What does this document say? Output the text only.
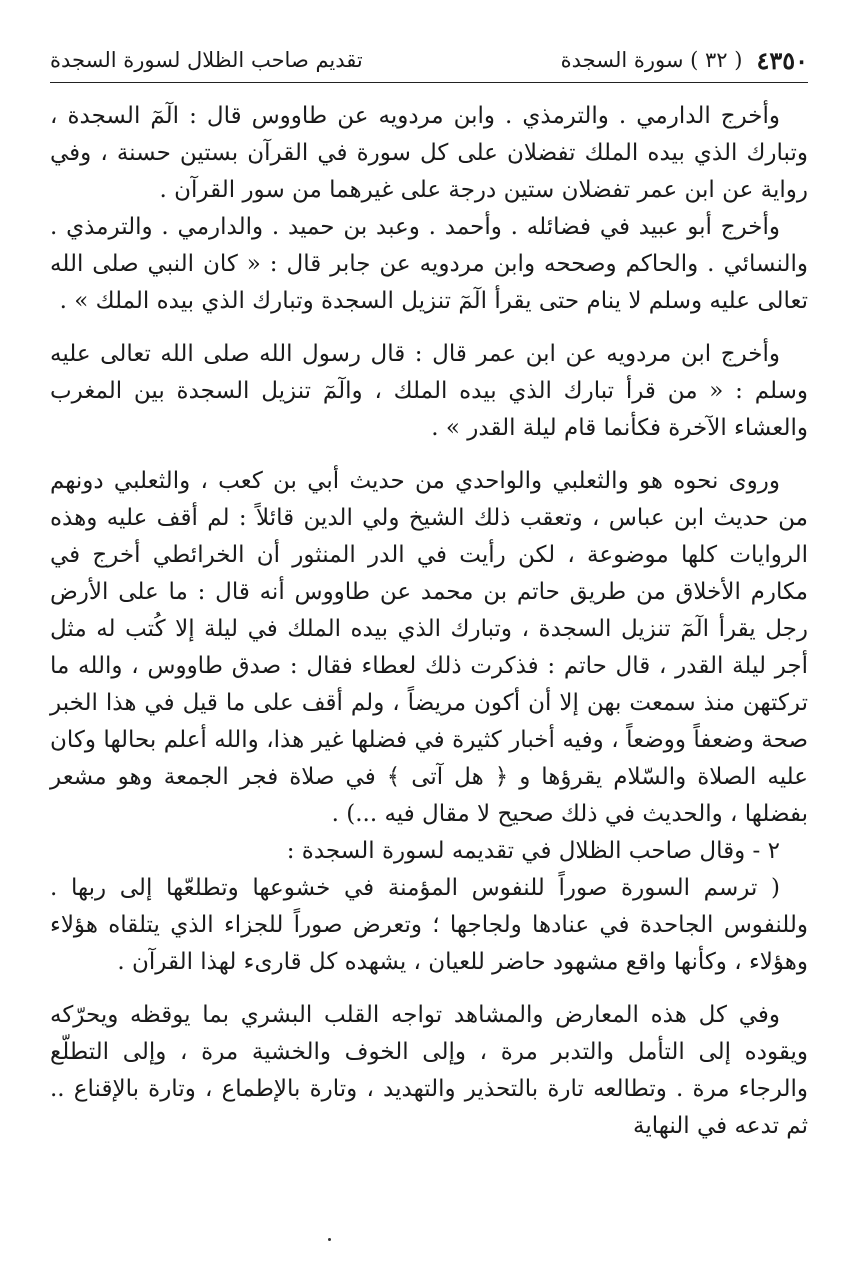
٤٣٥٠
( ٣٢ ) سورة السجدة
تقديم صاحب الظلال لسورة السجدة

وأخرج الدارمي . والترمذي . وابن مردويه عن طاووس قال : الٓمٓ السجدة ، وتبارك الذي بيده الملك تفضلان على كل سورة في القرآن بستين حسنة ، وفي رواية عن ابن عمر تفضلان ستين درجة على غيرهما من سور القرآن .

وأخرج أبو عبيد في فضائله . وأحمد . وعبد بن حميد . والدارمي . والترمذي . والنسائي . والحاكم وصححه وابن مردويه عن جابر قال : « كان النبي صلى الله تعالى عليه وسلم لا ينام حتى يقرأ الٓمٓ تنزيل السجدة وتبارك الذي بيده الملك » .

وأخرج ابن مردويه عن ابن عمر قال : قال رسول الله صلى الله تعالى عليه وسلم : « من قرأ تبارك الذي بيده الملك ، والٓمٓ تنزيل السجدة بين المغرب والعشاء الآخرة فكأنما قام ليلة القدر » .

وروى نحوه هو والثعلبي والواحدي من حديث أبي بن كعب ، والثعلبي دونهم من حديث ابن عباس ، وتعقب ذلك الشيخ ولي الدين قائلاً : لم أقف عليه وهذه الروايات كلها موضوعة ، لكن رأيت في الدر المنثور أن الخرائطي أخرج في مكارم الأخلاق من طريق حاتم بن محمد عن طاووس أنه قال : ما على الأرض رجل يقرأ الٓمٓ تنزيل السجدة ، وتبارك الذي بيده الملك في ليلة إلا كُتب له مثل أجر ليلة القدر ، قال حاتم : فذكرت ذلك لعطاء فقال : صدق طاووس ، والله ما تركتهن منذ سمعت بهن إلا أن أكون مريضاً ، ولم أقف على ما قيل في هذا الخبر صحة وضعفاً ووضعاً ، وفيه أخبار كثيرة في فضلها غير هذا، والله أعلم بحالها وكان عليه الصلاة والسّلام يقرؤها و ﴿ هل آتى ﴾ في صلاة فجر الجمعة وهو مشعر بفضلها ، والحديث في ذلك صحيح لا مقال فيه ...) .

٢ - وقال صاحب الظلال في تقديمه لسورة السجدة :

( ترسم السورة صوراً للنفوس المؤمنة في خشوعها وتطلعّها إلى ربها . وللنفوس الجاحدة في عنادها ولجاجها ؛ وتعرض صوراً للجزاء الذي يتلقاه هؤلاء وهؤلاء ، وكأنها واقع مشهود حاضر للعيان ، يشهده كل قارىء لهذا القرآن .

وفي كل هذه المعارض والمشاهد تواجه القلب البشري بما يوقظه ويحرّكه ويقوده إلى التأمل والتدبر مرة ، وإلى الخوف والخشية مرة ، وإلى التطلّع والرجاء مرة . وتطالعه تارة بالتحذير والتهديد ، وتارة بالإطماع ، وتارة بالإقناع .. ثم تدعه في النهاية
